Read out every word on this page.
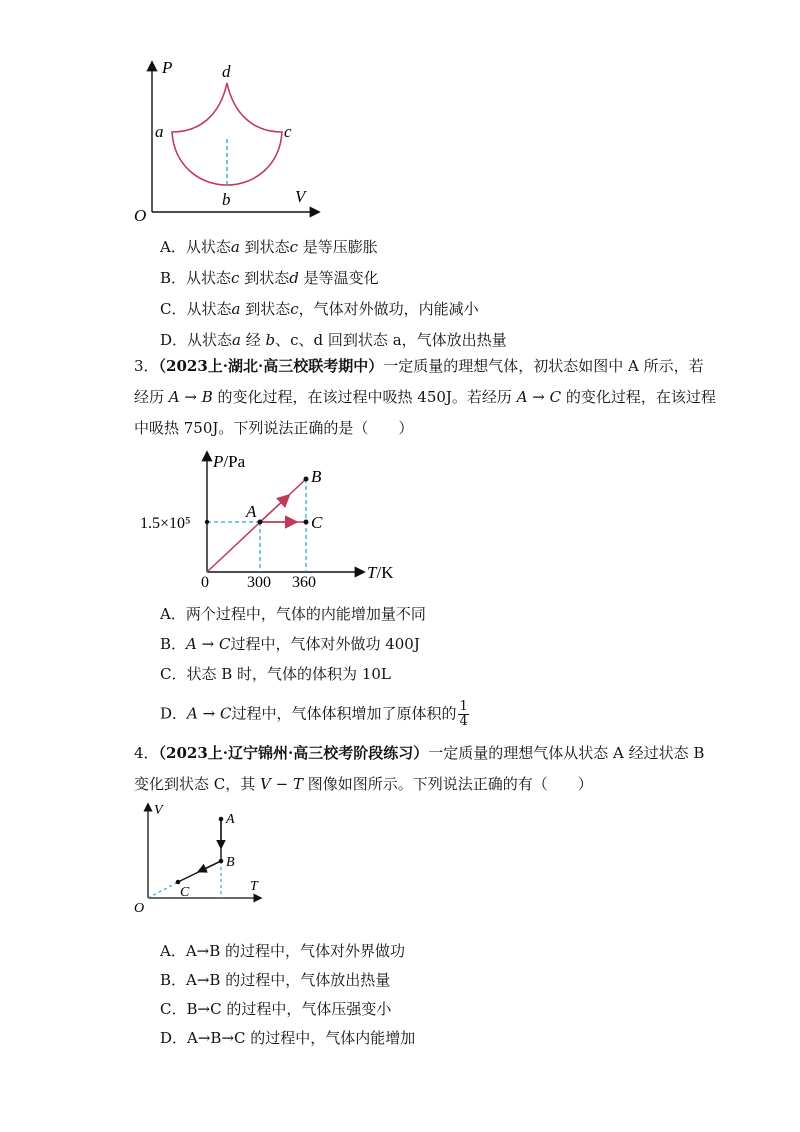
P
V
O
a
b
c
d
A．从状态a 到状态c 是等压膨胀
B．从状态c 到状态d 是等温变化
C．从状态a 到状态c，气体对外做功，内能减小
D．从状态a 经 b、c、d 回到状态 a，气体放出热量
3．（2023上·湖北·高三校联考期中）一定质量的理想气体，初状态如图中 A 所示，若
经历 A → B 的变化过程，在该过程中吸热 450J。若经历 A → C 的变化过程，在该过程
中吸热 750J。下列说法正确的是（　　）
P/Pa
T/K
0
1.5×10⁵
300 360
A
B
C
A．两个过程中，气体的内能增加量不同
B．A → C过程中，气体对外做功 400J
C．状态 B 时，气体的体积为 10L
D．A → C过程中，气体体积增加了原体积的 $\frac{1}{4}$
4．（2023上·辽宁锦州·高三校考阶段练习）一定质量的理想气体从状态 A 经过状态 B
变化到状态 C，其 V − T 图像如图所示。下列说法正确的有（　　）
V
T
O
A
B
C
A．A→B 的过程中，气体对外界做功
B．A→B 的过程中，气体放出热量
C．B→C 的过程中，气体压强变小
D．A→B→C 的过程中，气体内能增加
